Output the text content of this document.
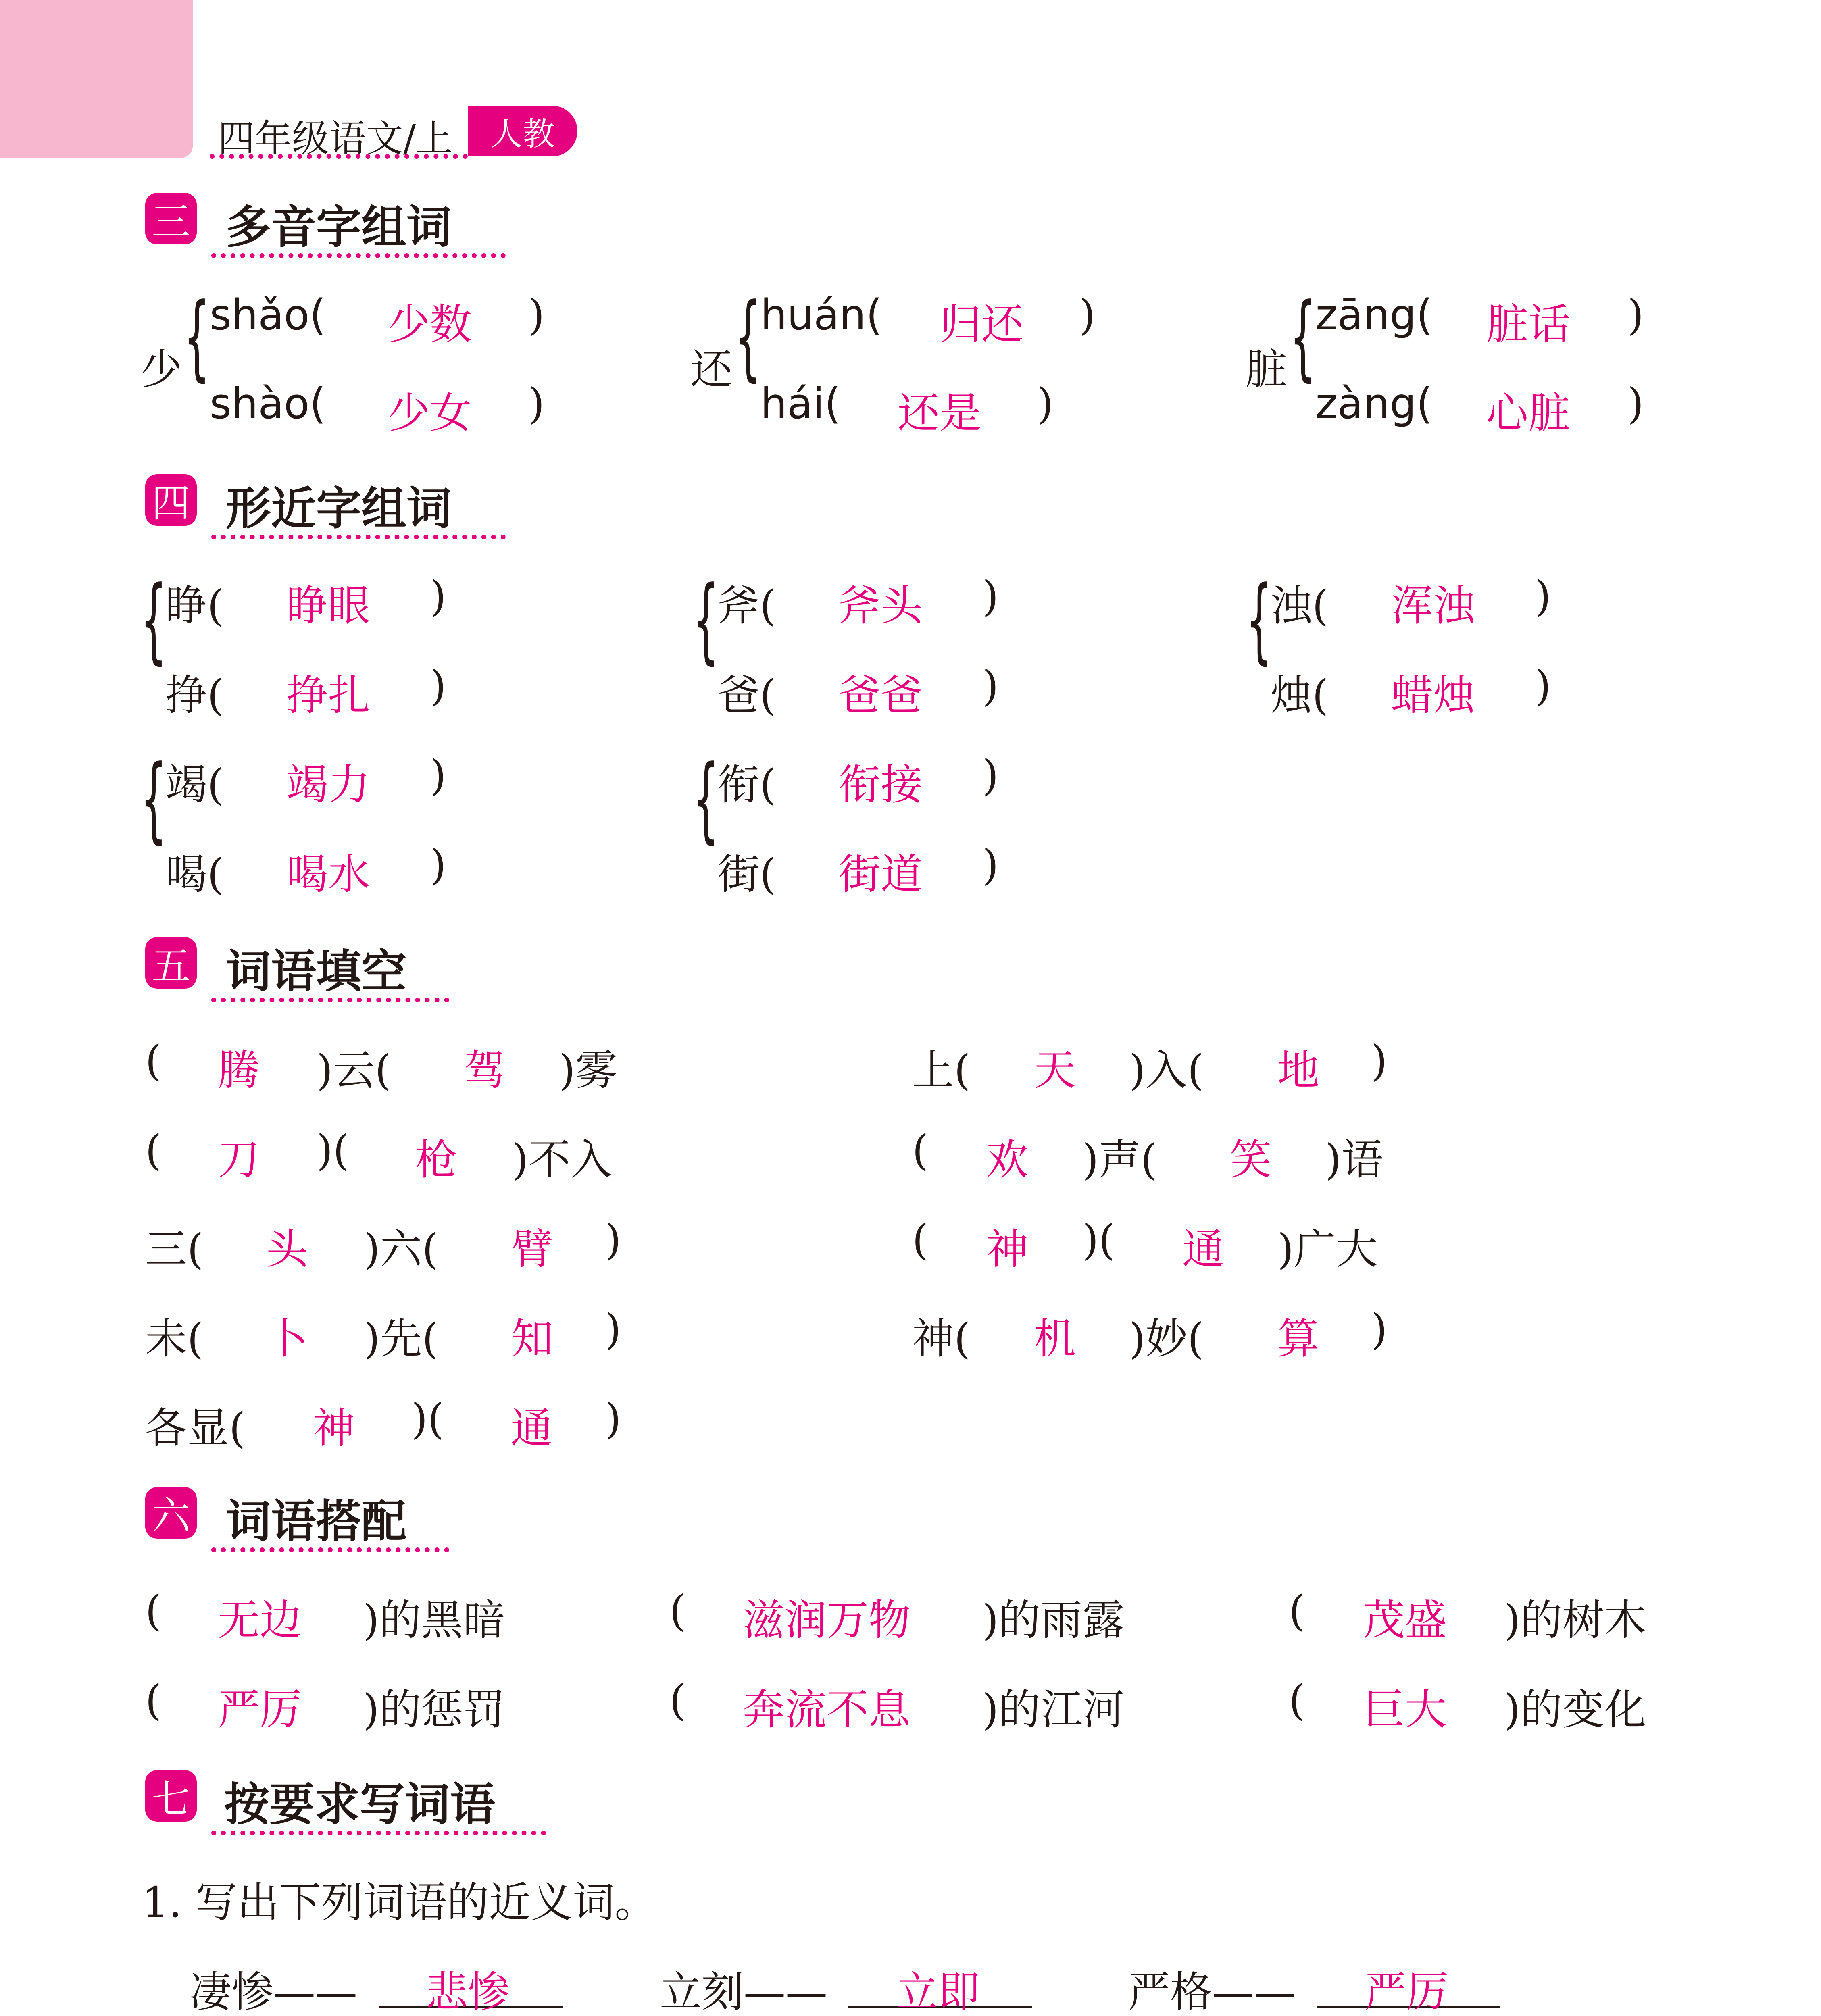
四年级语文/上	人教
三 多音字组词
少 { shǎo( 少数 )
shào( 少女 )
还 {
huán( 归还 )
hái( 还是 )
脏 {
zāng( 脏话 )
zàng( 心脏 )
四 形近字组词
{
睁( 睁眼 )
挣( 挣扎 )
{
斧( 斧头 )
爸( 爸爸 )
{
浊( 浑浊 )
烛( 蜡烛 )
{
竭( 竭力 )
喝( 喝水 )
{
衔( 衔接 )
街( 街道 )
五 词语填空
( 腾 )云( 驾 )雾
( 刀 )( 枪 )不入
三( 头 )六( 臂 )
未( 卜 )先( 知 )
各显( 神 )( 通 )
上( 天 )入( 地 )
( 欢 )声( 笑 )语
( 神 )( 通 )广大
神( 机 )妙( 算 )
六 词语搭配
( 无边 )的黑暗	( 滋润万物 )的雨露	( 茂盛 )的树木
( 严厉 )的惩罚	( 奔流不息 )的江河	( 巨大 )的变化
七 按要求写词语
1. 写出下列词语的近义词。
凄惨—— 悲惨	立刻—— 立即	严格—— 严厉
